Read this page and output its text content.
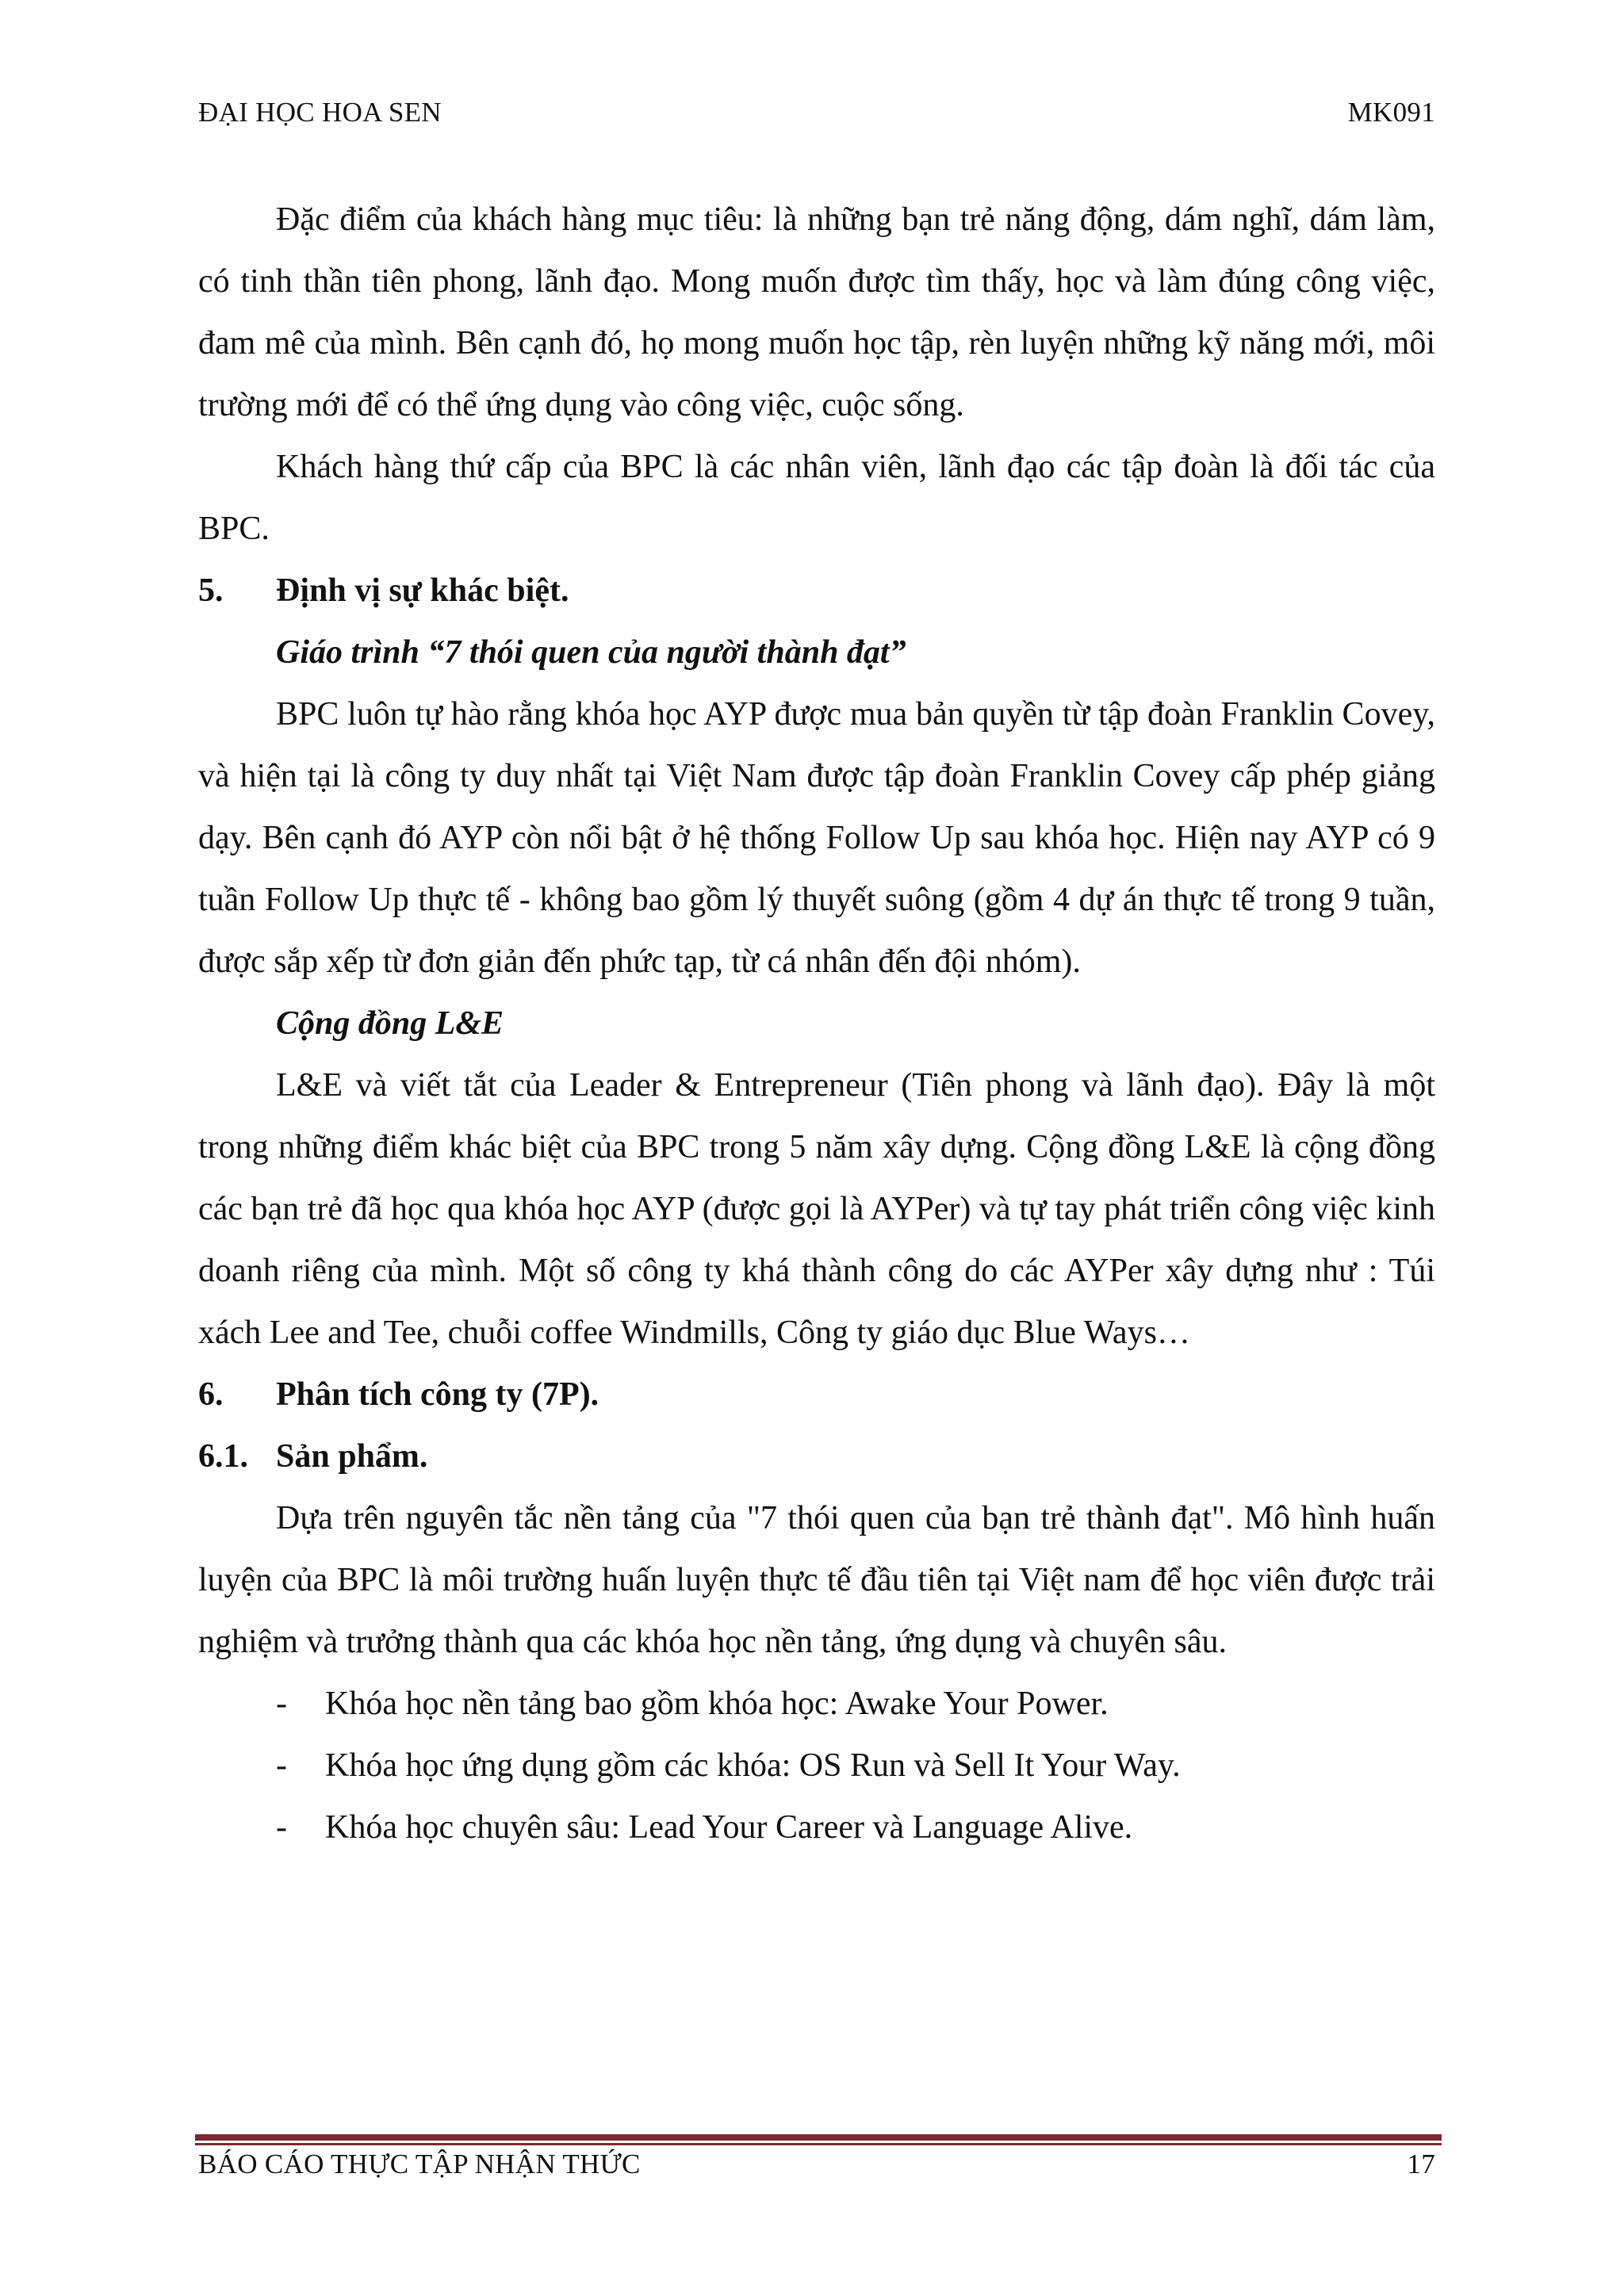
ĐẠI HỌC HOA SEN	MK091

Đặc điểm của khách hàng mục tiêu: là những bạn trẻ năng động, dám nghĩ, dám làm, có tinh thần tiên phong, lãnh đạo. Mong muốn được tìm thấy, học và làm đúng công việc, đam mê của mình. Bên cạnh đó, họ mong muốn học tập, rèn luyện những kỹ năng mới, môi trường mới để có thể ứng dụng vào công việc, cuộc sống.

Khách hàng thứ cấp của BPC là các nhân viên, lãnh đạo các tập đoàn là đối tác của BPC.

5.	Định vị sự khác biệt.

Giáo trình “7 thói quen của người thành đạt”

BPC luôn tự hào rằng khóa học AYP được mua bản quyền từ tập đoàn Franklin Covey, và hiện tại là công ty duy nhất tại Việt Nam được tập đoàn Franklin Covey cấp phép giảng dạy. Bên cạnh đó AYP còn nổi bật ở hệ thống Follow Up sau khóa học. Hiện nay AYP có 9 tuần Follow Up thực tế - không bao gồm lý thuyết suông (gồm 4 dự án thực tế trong 9 tuần, được sắp xếp từ đơn giản đến phức tạp, từ cá nhân đến đội nhóm).

Cộng đồng L&E

L&E và viết tắt của Leader & Entrepreneur (Tiên phong và lãnh đạo). Đây là một trong những điểm khác biệt của BPC trong 5 năm xây dựng. Cộng đồng L&E là cộng đồng các bạn trẻ đã học qua khóa học AYP (được gọi là AYPer) và tự tay phát triển công việc kinh doanh riêng của mình. Một số công ty khá thành công do các AYPer xây dựng như : Túi xách Lee and Tee, chuỗi coffee Windmills, Công ty giáo dục Blue Ways…

6.	Phân tích công ty (7P).

6.1. Sản phẩm.

Dựa trên nguyên tắc nền tảng của "7 thói quen của bạn trẻ thành đạt". Mô hình huấn luyện của BPC là môi trường huấn luyện thực tế đầu tiên tại Việt nam để học viên được trải nghiệm và trưởng thành qua các khóa học nền tảng, ứng dụng và chuyên sâu.

-	Khóa học nền tảng bao gồm khóa học: Awake Your Power.

-	Khóa học ứng dụng gồm các khóa: OS Run và Sell It Your Way.

-	Khóa học chuyên sâu: Lead Your Career và Language Alive.

BÁO CÁO THỰC TẬP NHẬN THỨC	17
